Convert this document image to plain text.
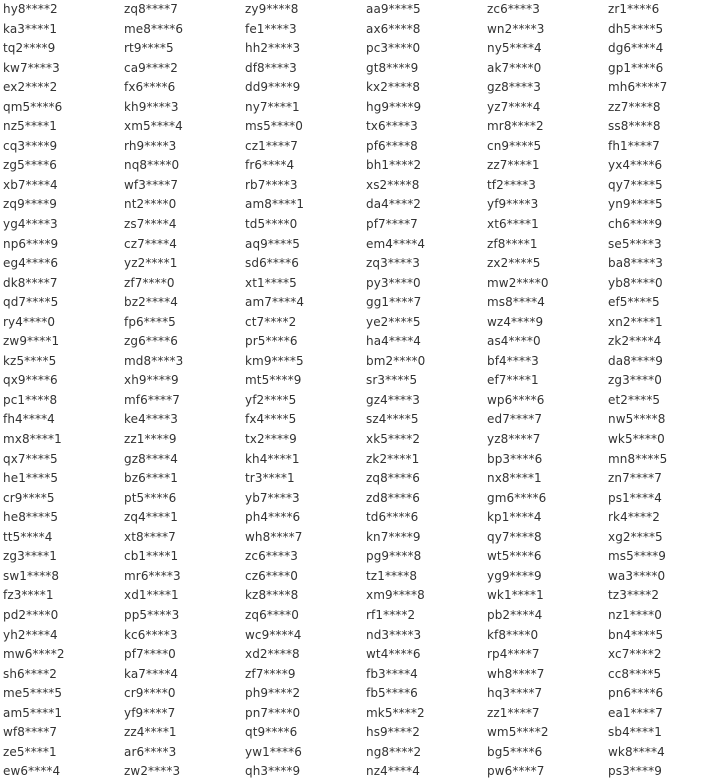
hy8****2	zq8****7	zy9****8	aa9****5	zc6****3	zr1****6
ka3****1	me8****6	fe1****3	ax6****8	wn2****3	dh5****5
tq2****9	rt9****5	hh2****3	pc3****0	ny5****4	dg6****4
kw7****3	ca9****2	df8****3	gt8****9	ak7****0	gp1****6
ex2****2	fx6****6	dd9****9	kx2****8	gz8****3	mh6****7
qm5****6	kh9****3	ny7****1	hg9****9	yz7****4	zz7****8
nz5****1	xm5****4	ms5****0	tx6****3	mr8****2	ss8****8
cq3****9	rh9****3	cz1****7	pf6****8	cn9****5	fh1****7
zg5****6	nq8****0	fr6****4	bh1****2	zz7****1	yx4****6
xb7****4	wf3****7	rb7****3	xs2****8	tf2****3	qy7****5
zq9****9	nt2****0	am8****1	da4****2	yf9****3	yn9****5
yg4****3	zs7****4	td5****0	pf7****7	xt6****1	ch6****9
np6****9	cz7****4	aq9****5	em4****4	zf8****1	se5****3
eg4****6	yz2****1	sd6****6	zq3****3	zx2****5	ba8****3
dk8****7	zf7****0	xt1****5	py3****0	mw2****0	yb8****0
qd7****5	bz2****4	am7****4	gg1****7	ms8****4	ef5****5
ry4****0	fp6****5	ct7****2	ye2****5	wz4****9	xn2****1
zw9****1	zg6****6	pr5****6	ha4****4	as4****0	zk2****4
kz5****5	md8****3	km9****5	bm2****0	bf4****3	da8****9
qx9****6	xh9****9	mt5****9	sr3****5	ef7****1	zg3****0
pc1****8	mf6****7	yf2****5	gz4****3	wp6****6	et2****5
fh4****4	ke4****3	fx4****5	sz4****5	ed7****7	nw5****8
mx8****1	zz1****9	tx2****9	xk5****2	yz8****7	wk5****0
qx7****5	gz8****4	kh4****1	zk2****1	bp3****6	mn8****5
he1****5	bz6****1	tr3****1	zq8****6	nx8****1	zn7****7
cr9****5	pt5****6	yb7****3	zd8****6	gm6****6	ps1****4
he8****5	zq4****1	ph4****6	td6****6	kp1****4	rk4****2
tt5****4	xt8****7	wh8****7	kn7****9	qy7****8	xg2****5
zg3****1	cb1****1	zc6****3	pg9****8	wt5****6	ms5****9
sw1****8	mr6****3	cz6****0	tz1****8	yg9****9	wa3****0
fz3****1	xd1****1	kz8****8	xm9****8	wk1****1	tz3****2
pd2****0	pp5****3	zq6****0	rf1****2	pb2****4	nz1****0
yh2****4	kc6****3	wc9****4	nd3****3	kf8****0	bn4****5
mw6****2	pf7****0	xd2****8	wt4****6	rp4****7	xc7****2
sh6****2	ka7****4	zf7****9	fb3****4	wh8****7	cc8****5
me5****5	cr9****0	ph9****2	fb5****6	hq3****7	pn6****6
am5****1	yf9****7	pn7****0	mk5****2	zz1****7	ea1****7
wf8****7	zz4****1	qt9****6	hs9****2	wm5****2	sb4****1
ze5****1	ar6****3	yw1****6	ng8****2	bg5****6	wk8****4
ew6****4	zw2****3	qh3****9	nz4****4	pw6****7	ps3****9
